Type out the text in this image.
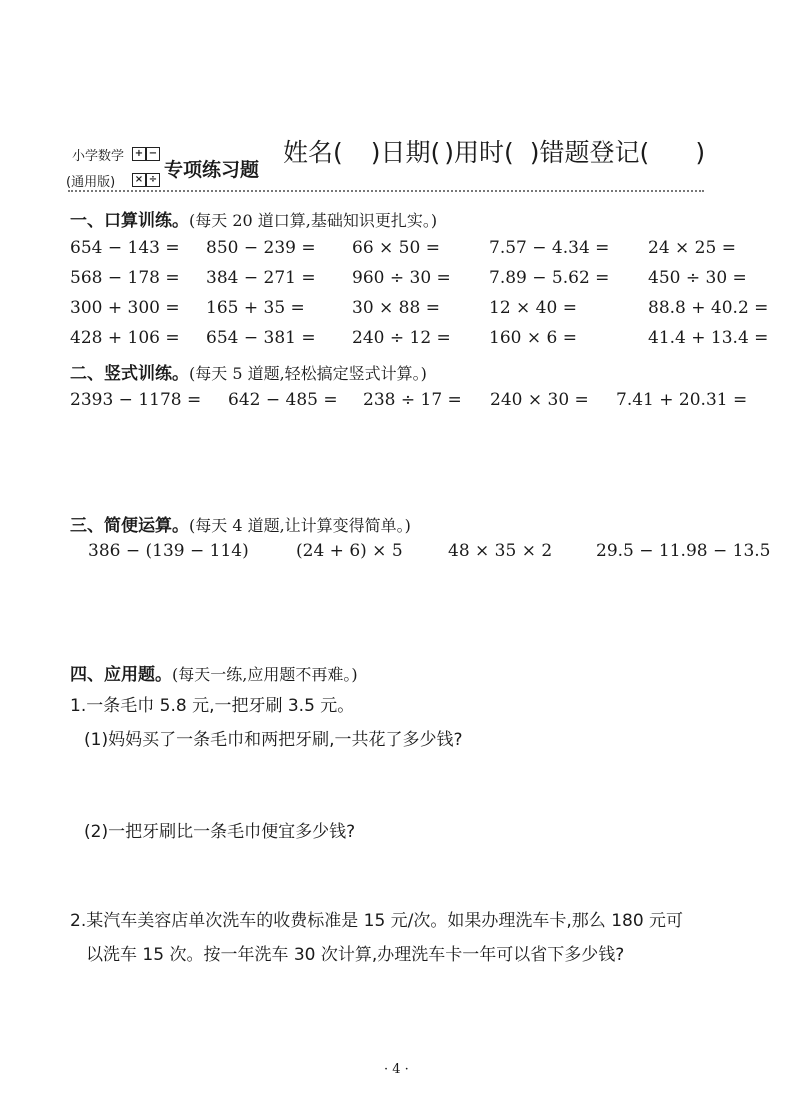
小学数学
(通用版)
+ −
× ÷ 专项练习题
姓名( )日期( )用时( )错题登记( )
一、口算训练。(每天 20 道口算,基础知识更扎实。)
654 − 143 = 850 − 239 = 66 × 50 =	7.57 − 4.34 = 24 × 25 =
568 − 178 = 384 − 271 = 960 ÷ 30 = 7.89 − 5.62 = 450 ÷ 30 =
300 + 300 = 165 + 35 =	30 × 88 =	12 × 40 =	88.8 + 40.2 =
428 + 106 = 654 − 381 = 240 ÷ 12 = 160 × 6 =	41.4 + 13.4 =
二、竖式训练。(每天 5 道题,轻松搞定竖式计算。)
2393 − 1178 = 642 − 485 = 238 ÷ 17 = 240 × 30 = 7.41 + 20.31 =
三、简便运算。(每天 4 道题,让计算变得简单。)
386 − (139 − 114)	(24 + 6) × 5	48 × 35 × 2	29.5 − 11.98 − 13.5
四、应用题。(每天一练,应用题不再难。)
1.一条毛巾 5.8 元,一把牙刷 3.5 元。
(1)妈妈买了一条毛巾和两把牙刷,一共花了多少钱?
(2)一把牙刷比一条毛巾便宜多少钱?
2.某汽车美容店单次洗车的收费标准是 15 元/次。如果办理洗车卡,那么 180 元可
以洗车 15 次。按一年洗车 30 次计算,办理洗车卡一年可以省下多少钱?
· 4 ·
